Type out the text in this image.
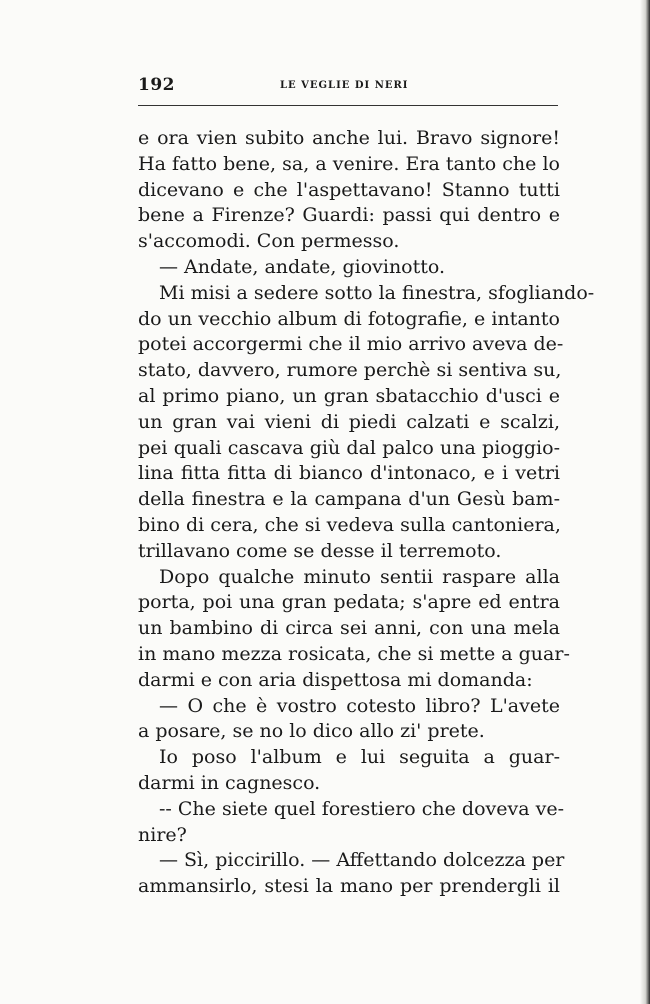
192	LE VEGLIE DI NERI
e ora vien subito anche lui. Bravo signore!
Ha fatto bene, sa, a venire. Era tanto che lo
dicevano e che l'aspettavano! Stanno tutti
bene a Firenze? Guardi: passi qui dentro e
s'accomodi. Con permesso.
— Andate, andate, giovinotto.
Mi misi a sedere sotto la finestra, sfogliando-
do un vecchio album di fotografie, e intanto
potei accorgermi che il mio arrivo aveva de-
stato, davvero, rumore perchè si sentiva su,
al primo piano, un gran sbatacchio d'usci e
un gran vai vieni di piedi calzati e scalzi,
pei quali cascava giù dal palco una pioggio-
lina fitta fitta di bianco d'intonaco, e i vetri
della finestra e la campana d'un Gesù bam-
bino di cera, che si vedeva sulla cantoniera,
trillavano come se desse il terremoto.
Dopo qualche minuto sentii raspare alla
porta, poi una gran pedata; s'apre ed entra
un bambino di circa sei anni, con una mela
in mano mezza rosicata, che si mette a guar-
darmi e con aria dispettosa mi domanda:
— O che è vostro cotesto libro? L'avete
a posare, se no lo dico allo zi' prete.
Io poso l'album e lui seguita a guar-
darmi in cagnesco.
-- Che siete quel forestiero che doveva ve-
nire?
— Sì, piccirillo. — Affettando dolcezza per
ammansirlo, stesi la mano per prendergli il
